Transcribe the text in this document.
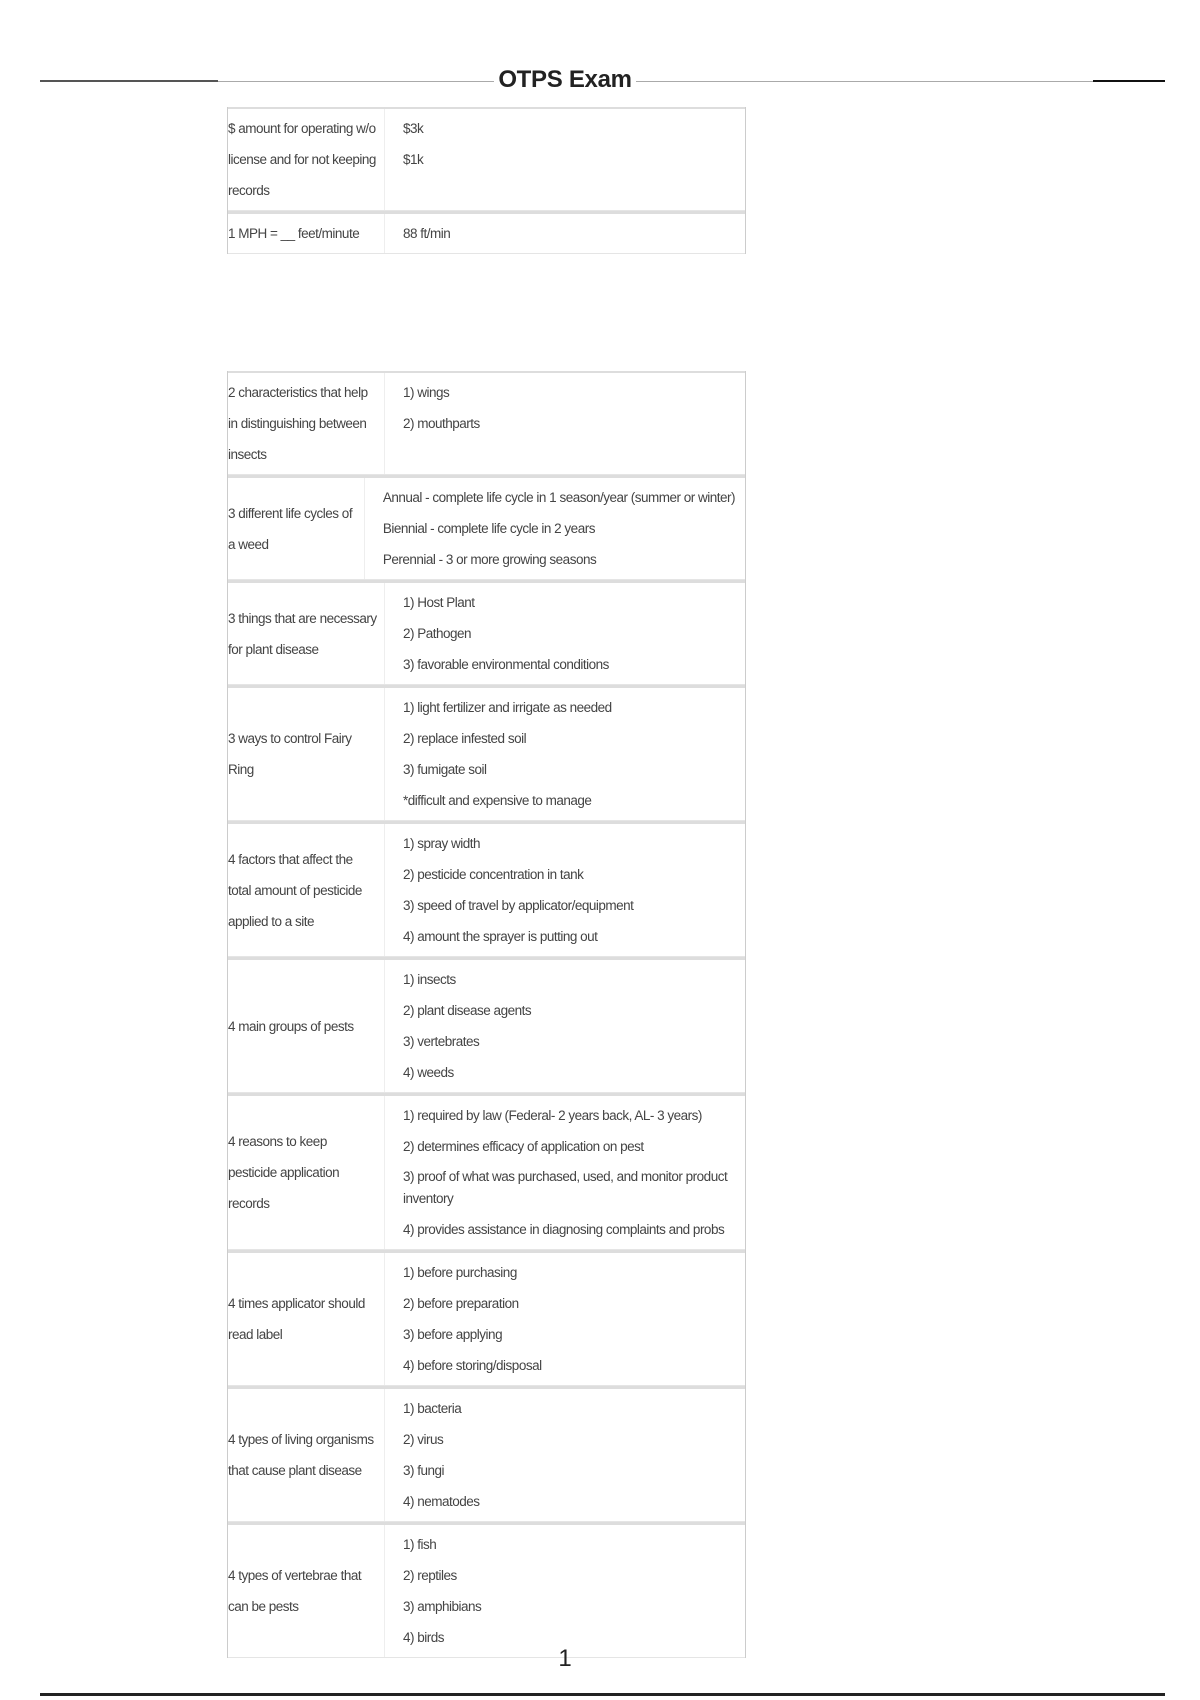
OTPS Exam
$ amount for operating w/o license and for not keeping records
$3k
$1k
1 MPH = __ feet/minute	88 ft/min
2 characteristics that help in distinguishing between insects
1) wings
2) mouthparts
3 different life cycles of a weed
Annual - complete life cycle in 1 season/year (summer or winter)
Biennial - complete life cycle in 2 years
Perennial - 3 or more growing seasons
3 things that are necessary for plant disease
1) Host Plant
2) Pathogen
3) favorable environmental conditions
3 ways to control Fairy Ring
1) light fertilizer and irrigate as needed
2) replace infested soil
3) fumigate soil
*difficult and expensive to manage
4 factors that affect the total amount of pesticide applied to a site
1) spray width
2) pesticide concentration in tank
3) speed of travel by applicator/equipment
4) amount the sprayer is putting out
4 main groups of pests
1) insects
2) plant disease agents
3) vertebrates
4) weeds
4 reasons to keep pesticide application records
1) required by law (Federal- 2 years back, AL- 3 years)
2) determines efficacy of application on pest
3) proof of what was purchased, used, and monitor product inventory
4) provides assistance in diagnosing complaints and probs
4 times applicator should read label
1) before purchasing
2) before preparation
3) before applying
4) before storing/disposal
4 types of living organisms that cause plant disease
1) bacteria
2) virus
3) fungi
4) nematodes
4 types of vertebrae that can be pests
1) fish
2) reptiles
3) amphibians
4) birds
1
